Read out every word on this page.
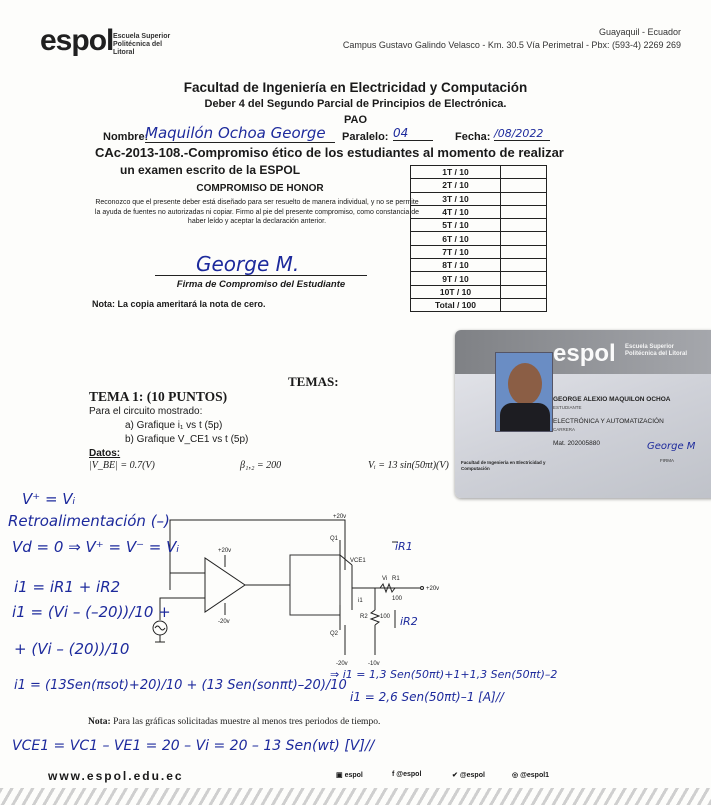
espol Escuela Superior Politécnica del Litoral
Guayaquil - Ecuador
Campus Gustavo Galindo Velasco - Km. 30.5 Vía Perimetral - Pbx: (593-4) 2269 269
Facultad de Ingeniería en Electricidad y Computación
Deber 4 del Segundo Parcial de Principios de Electrónica.
PAO
Nombre:
Maquilón Ochoa George	Paralelo: 04	Fecha: /08/2022
CAc-2013-108.-Compromiso ético de los estudiantes al momento de realizar
un examen escrito de la ESPOL
COMPROMISO DE HONOR
Reconozco que el presente deber está diseñado para ser resuelto de manera individual, y no se permite la ayuda de fuentes no autorizadas ni copiar. Firmo al pie del presente compromiso, como constancia de haber leído y aceptar la declaración anterior.
George M.
Firma de Compromiso del Estudiante
Nota: La copia ameritará la nota de cero.
1T / 10	
2T / 10	
3T / 10	
4T / 10	
5T / 10	
6T / 10	
7T / 10	
8T / 10	
9T / 10	
10T / 10	
Total / 100	
espol Escuela Superior Politécnica del Litoral
GEORGE ALEXIO MAQUILON OCHOA
ESTUDIANTE
ELECTRÓNICA Y AUTOMATIZACIÓN
CARRERA
Mat. 202005880	George M
FIRMA
Facultad de Ingeniería en Electricidad y Computación
TEMAS:
TEMA 1: (10 PUNTOS)
Para el circuito mostrado:
a) Grafique i₁ vs t (5p)
b) Grafique V_CE1 vs t (5p)
Datos:
|V_BE| = 0.7(V)	β₁,₂ = 200	Vᵢ = 13 sin(50πt)(V)
+20v
+20v
-20v
-20v
Q1
Q2
VCE1
Vi
i1
R1
100
R2 100
+20v
-10v
iR1
iR2
V⁺ = Vᵢ
Retroalimentación (–)
Vd = 0 ⇒ V⁺ = V⁻ = Vᵢ
i1 = iR1 + iR2
i1 = (Vi – (–20))/10 +
+ (Vi – (20))/10
i1 = (13Sen(πsot)+20)/10 + (13 Sen(sonπt)–20)/10
⇒ i1 = 1,3 Sen(50πt)+1+1,3 Sen(50πt)–2
i1 = 2,6 Sen(50πt)–1 [A]//
VCE1 = VC1 – VE1 = 20 – Vi = 20 – 13 Sen(wt) [V]//
Nota: Para las gráficas solicitadas muestre al menos tres periodos de tiempo.
www.espol.edu.ec	▣ espol	f @espol	✔ @espol	◎ @espol1
